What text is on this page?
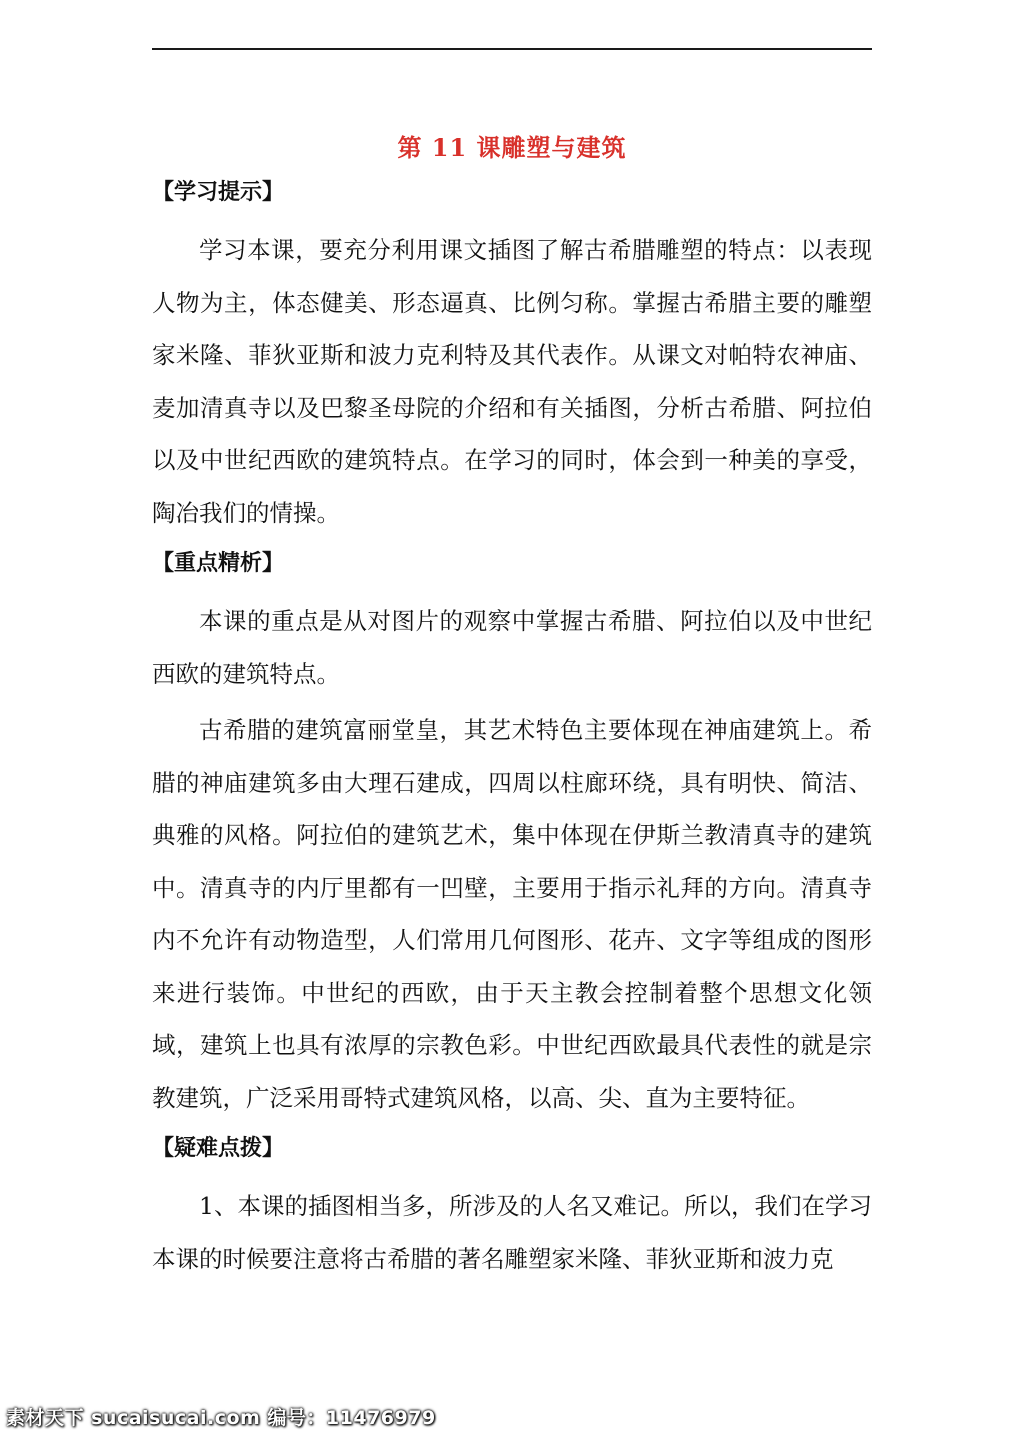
第 11 课雕塑与建筑
【学习提示】

学习本课，要充分利用课文插图了解古希腊雕塑的特点：以表现人物为主，体态健美、形态逼真、比例匀称。掌握古希腊主要的雕塑家米隆、菲狄亚斯和波力克利特及其代表作。从课文对帕特农神庙、麦加清真寺以及巴黎圣母院的介绍和有关插图，分析古希腊、阿拉伯以及中世纪西欧的建筑特点。在学习的同时，体会到一种美的享受，陶冶我们的情操。

【重点精析】

本课的重点是从对图片的观察中掌握古希腊、阿拉伯以及中世纪西欧的建筑特点。

古希腊的建筑富丽堂皇，其艺术特色主要体现在神庙建筑上。希腊的神庙建筑多由大理石建成，四周以柱廊环绕，具有明快、简洁、典雅的风格。阿拉伯的建筑艺术，集中体现在伊斯兰教清真寺的建筑中。清真寺的内厅里都有一凹壁，主要用于指示礼拜的方向。清真寺内不允许有动物造型，人们常用几何图形、花卉、文字等组成的图形来进行装饰。中世纪的西欧，由于天主教会控制着整个思想文化领域，建筑上也具有浓厚的宗教色彩。中世纪西欧最具代表性的就是宗教建筑，广泛采用哥特式建筑风格，以高、尖、直为主要特征。

【疑难点拨】

1、本课的插图相当多，所涉及的人名又难记。所以，我们在学习本课的时候要注意将古希腊的著名雕塑家米隆、菲狄亚斯和波力克

素材天下 sucaisucai.com 编号：11476979
